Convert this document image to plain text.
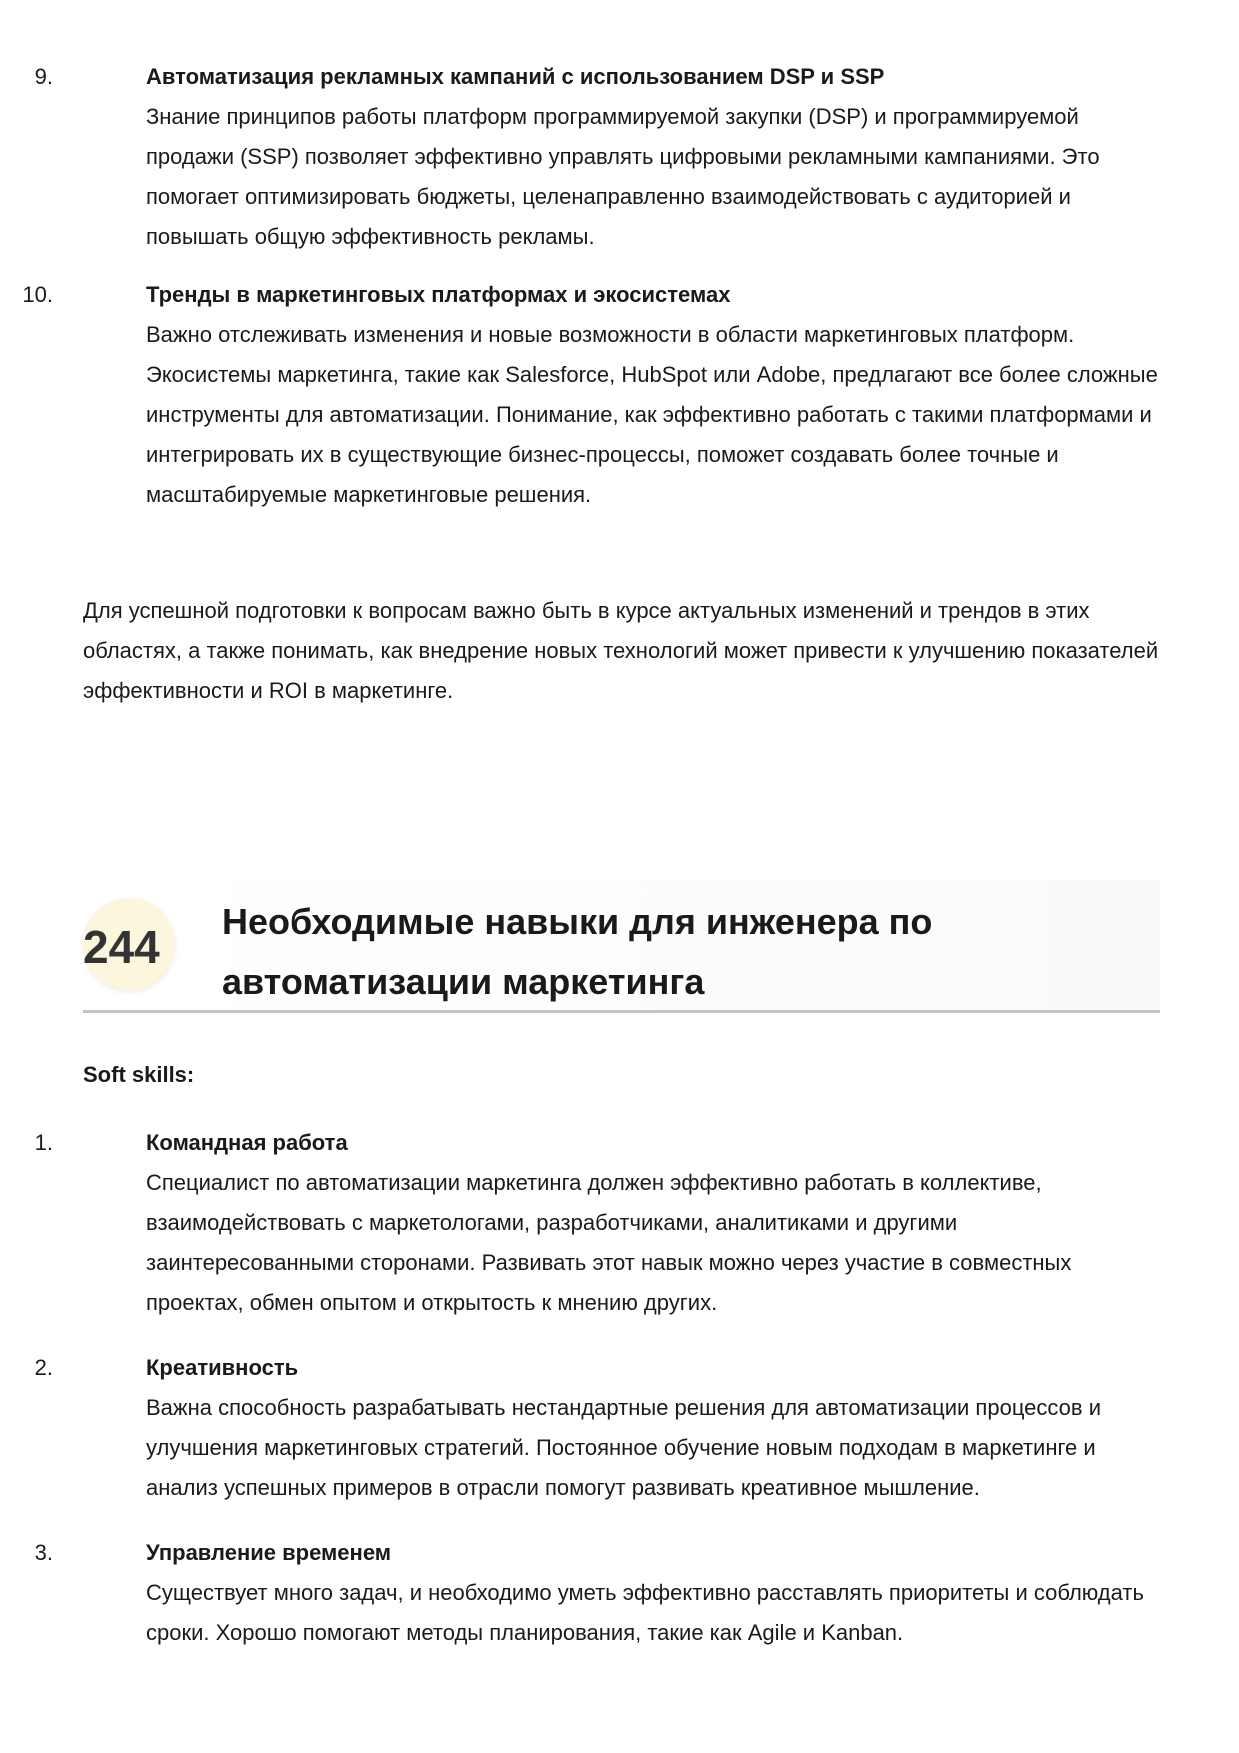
9.	Автоматизация рекламных кампаний с использованием DSP и SSP
Знание принципов работы платформ программируемой закупки (DSP) и программируемой продажи (SSP) позволяет эффективно управлять цифровыми рекламными кампаниями. Это помогает оптимизировать бюджеты, целенаправленно взаимодействовать с аудиторией и повышать общую эффективность рекламы.
10.	Тренды в маркетинговых платформах и экосистемах
Важно отслеживать изменения и новые возможности в области маркетинговых платформ. Экосистемы маркетинга, такие как Salesforce, HubSpot или Adobe, предлагают все более сложные инструменты для автоматизации. Понимание, как эффективно работать с такими платформами и интегрировать их в существующие бизнес-процессы, поможет создавать более точные и масштабируемые маркетинговые решения.

Для успешной подготовки к вопросам важно быть в курсе актуальных изменений и трендов в этих областях, а также понимать, как внедрение новых технологий может привести к улучшению показателей эффективности и ROI в маркетинге.

244 Необходимые навыки для инженера по автоматизации маркетинга

Soft skills:

1.	Командная работа
Специалист по автоматизации маркетинга должен эффективно работать в коллективе, взаимодействовать с маркетологами, разработчиками, аналитиками и другими заинтересованными сторонами. Развивать этот навык можно через участие в совместных проектах, обмен опытом и открытость к мнению других.
2.	Креативность
Важна способность разрабатывать нестандартные решения для автоматизации процессов и улучшения маркетинговых стратегий. Постоянное обучение новым подходам в маркетинге и анализ успешных примеров в отрасли помогут развивать креативное мышление.
3.	Управление временем
Существует много задач, и необходимо уметь эффективно расставлять приоритеты и соблюдать сроки. Хорошо помогают методы планирования, такие как Agile и Kanban.
